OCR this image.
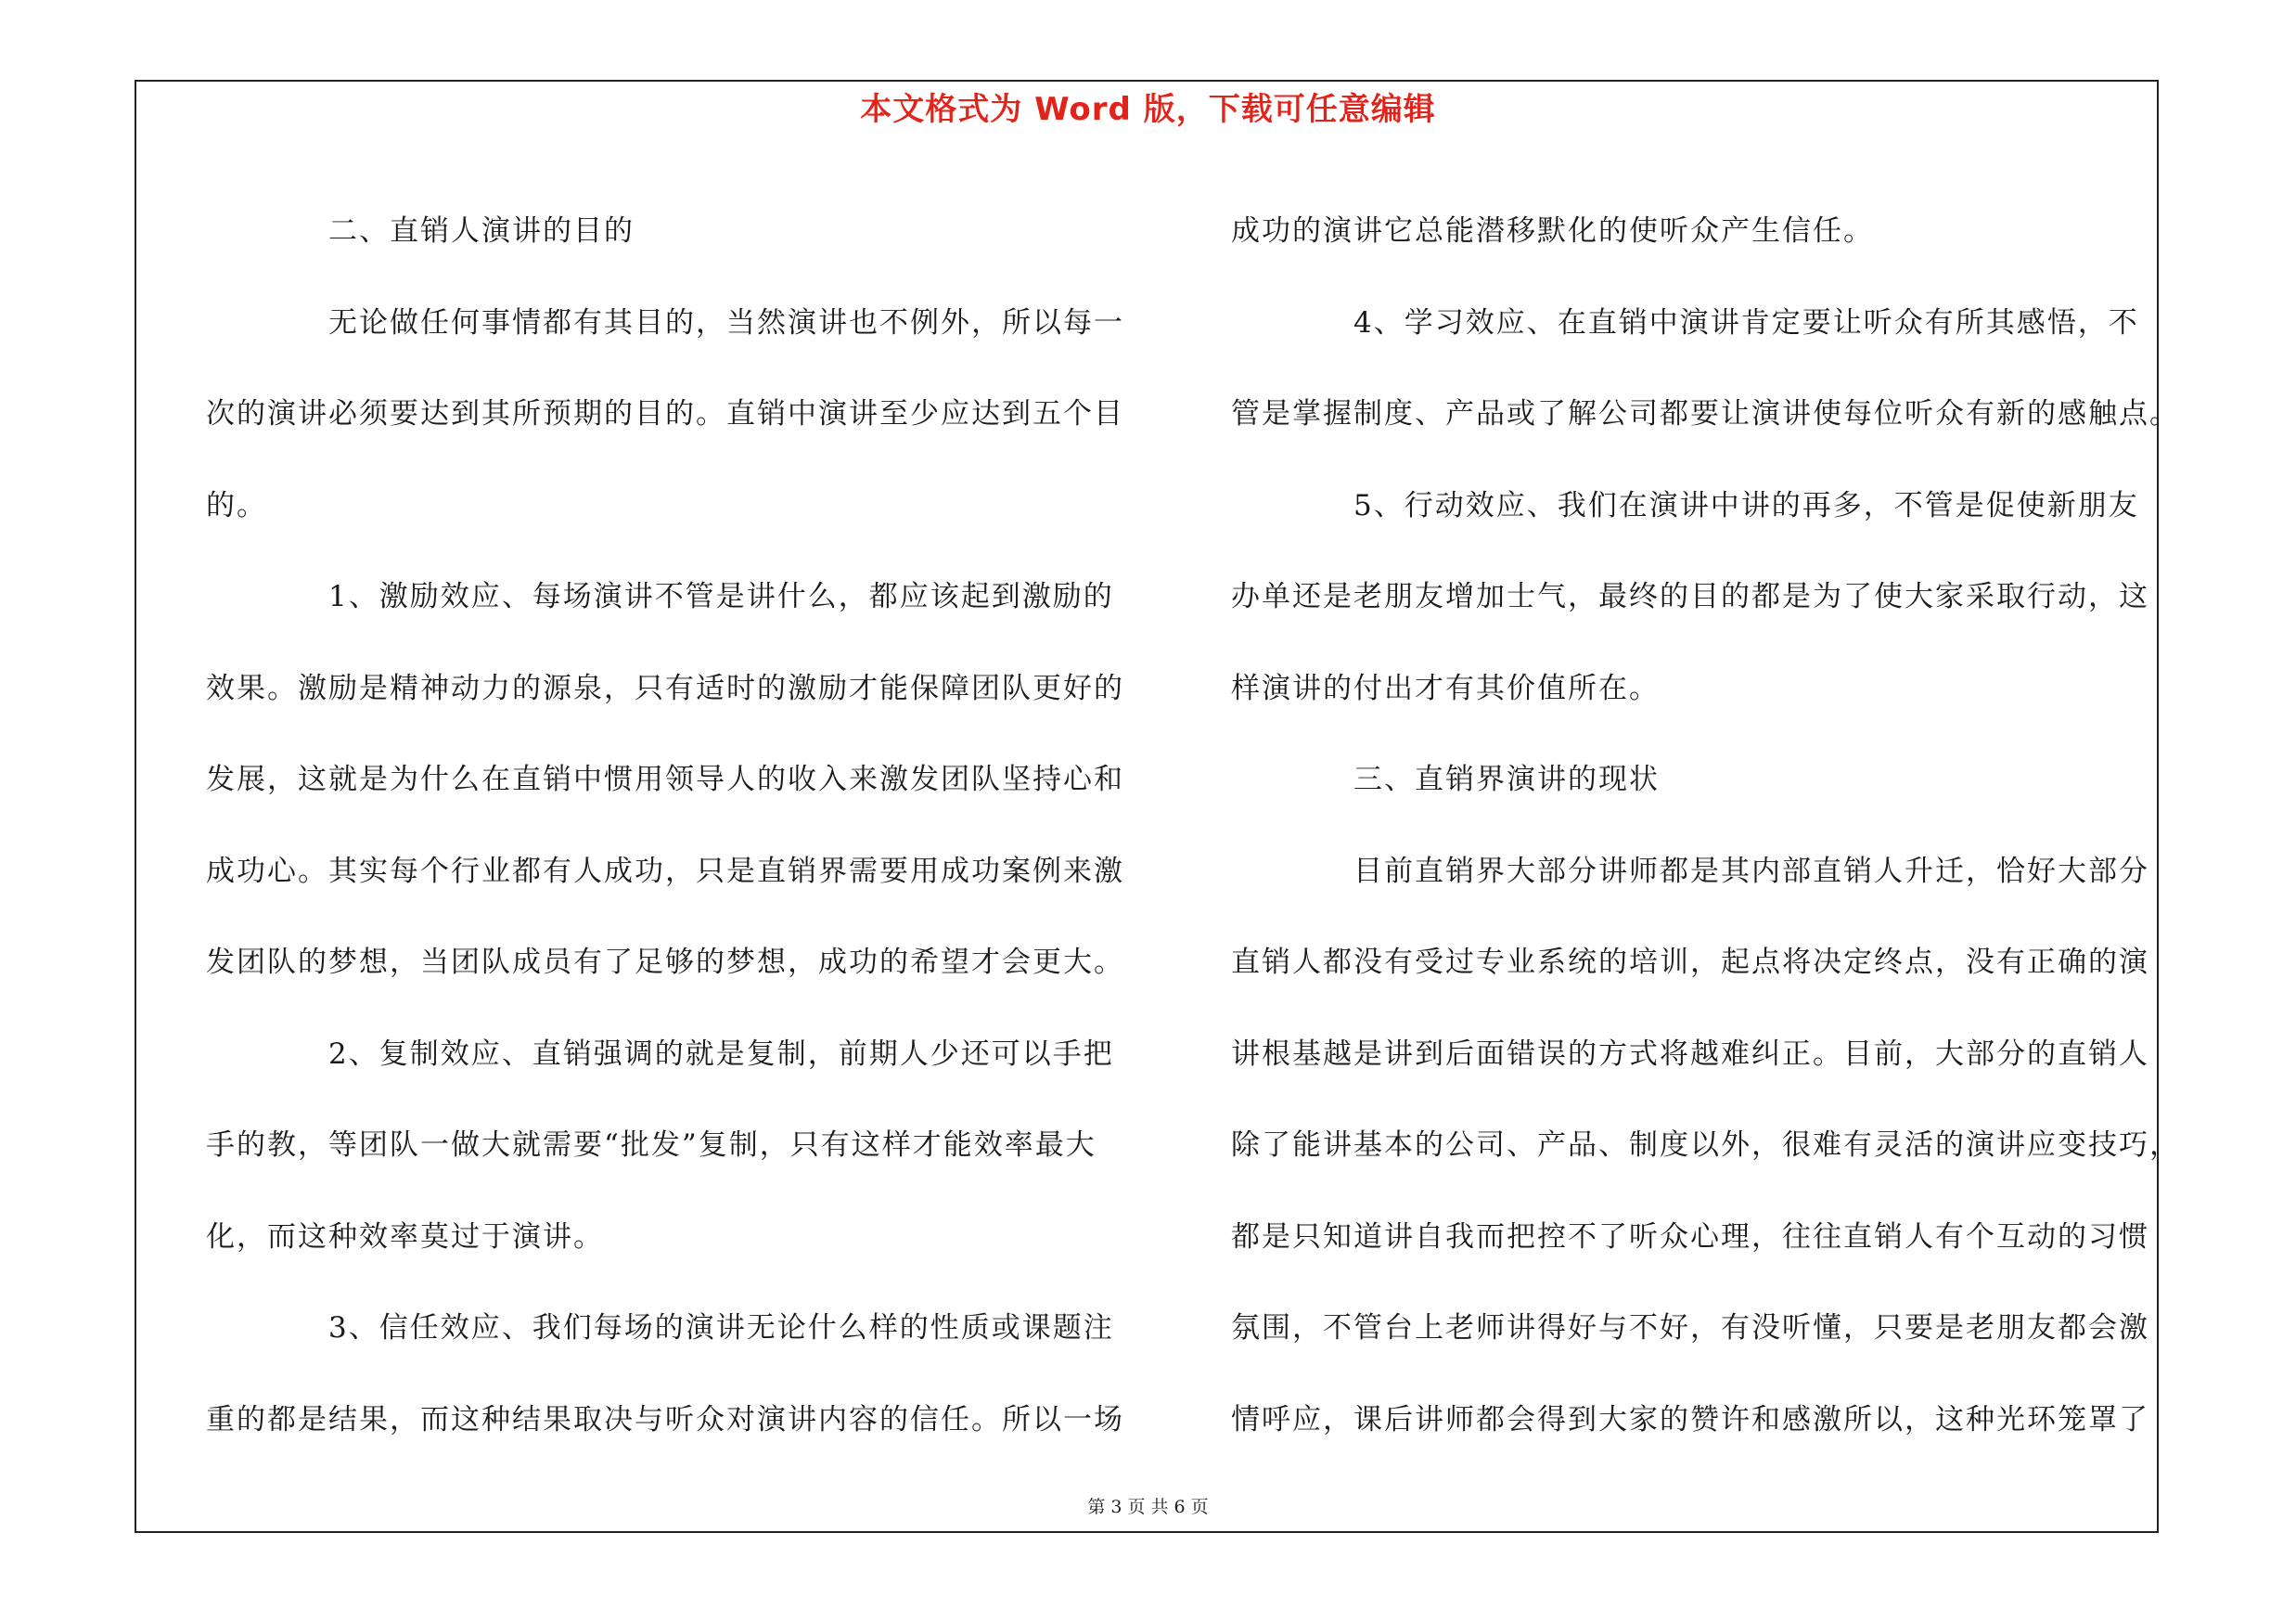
本文格式为 Word 版，下载可任意编辑
二、直销人演讲的目的
无论做任何事情都有其目的，当然演讲也不例外，所以每一
次的演讲必须要达到其所预期的目的。直销中演讲至少应达到五个目
的。
1、激励效应、每场演讲不管是讲什么，都应该起到激励的
效果。激励是精神动力的源泉，只有适时的激励才能保障团队更好的
发展，这就是为什么在直销中惯用领导人的收入来激发团队坚持心和
成功心。其实每个行业都有人成功，只是直销界需要用成功案例来激
发团队的梦想，当团队成员有了足够的梦想，成功的希望才会更大。
2、复制效应、直销强调的就是复制，前期人少还可以手把
手的教，等团队一做大就需要“批发”复制，只有这样才能效率最大
化，而这种效率莫过于演讲。
3、信任效应、我们每场的演讲无论什么样的性质或课题注
重的都是结果，而这种结果取决与听众对演讲内容的信任。所以一场
成功的演讲它总能潜移默化的使听众产生信任。
4、学习效应、在直销中演讲肯定要让听众有所其感悟，不
管是掌握制度、产品或了解公司都要让演讲使每位听众有新的感触点。
5、行动效应、我们在演讲中讲的再多，不管是促使新朋友
办单还是老朋友增加士气，最终的目的都是为了使大家采取行动，这
样演讲的付出才有其价值所在。
三、直销界演讲的现状
目前直销界大部分讲师都是其内部直销人升迁，恰好大部分
直销人都没有受过专业系统的培训，起点将决定终点，没有正确的演
讲根基越是讲到后面错误的方式将越难纠正。目前，大部分的直销人
除了能讲基本的公司、产品、制度以外，很难有灵活的演讲应变技巧，
都是只知道讲自我而把控不了听众心理，往往直销人有个互动的习惯
氛围，不管台上老师讲得好与不好，有没听懂，只要是老朋友都会激
情呼应，课后讲师都会得到大家的赞许和感激所以，这种光环笼罩了
第 3 页 共 6 页
